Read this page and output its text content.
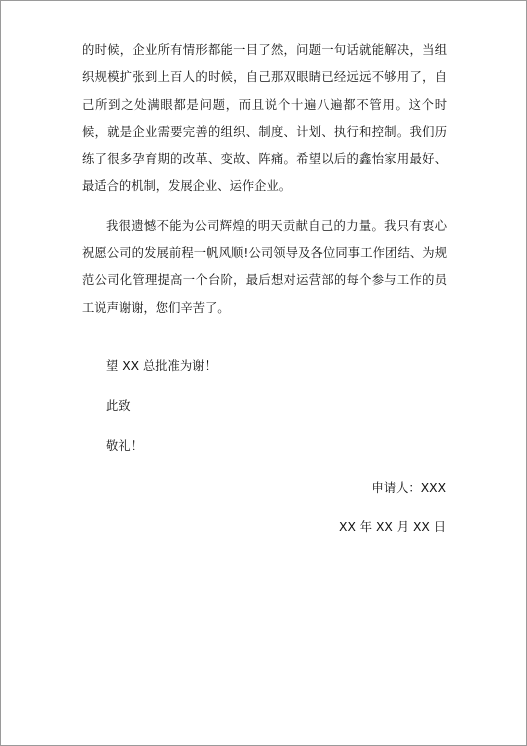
的时候，企业所有情形都能一目了然，问题一句话就能解决，当组织规模扩张到上百人的时候，自己那双眼睛已经远远不够用了，自己所到之处满眼都是问题，而且说个十遍八遍都不管用。这个时候，就是企业需要完善的组织、制度、计划、执行和控制。我们历练了很多孕育期的改革、变故、阵痛。希望以后的鑫怡家用最好、最适合的机制，发展企业、运作企业。

我很遗憾不能为公司辉煌的明天贡献自己的力量。我只有衷心祝愿公司的发展前程一帆风顺!公司领导及各位同事工作团结、为规范公司化管理提高一个台阶，最后想对运营部的每个参与工作的员工说声谢谢，您们辛苦了。

望 XX 总批准为谢！
此致
敬礼！
申请人：XXX
XX 年 XX 月 XX 日
